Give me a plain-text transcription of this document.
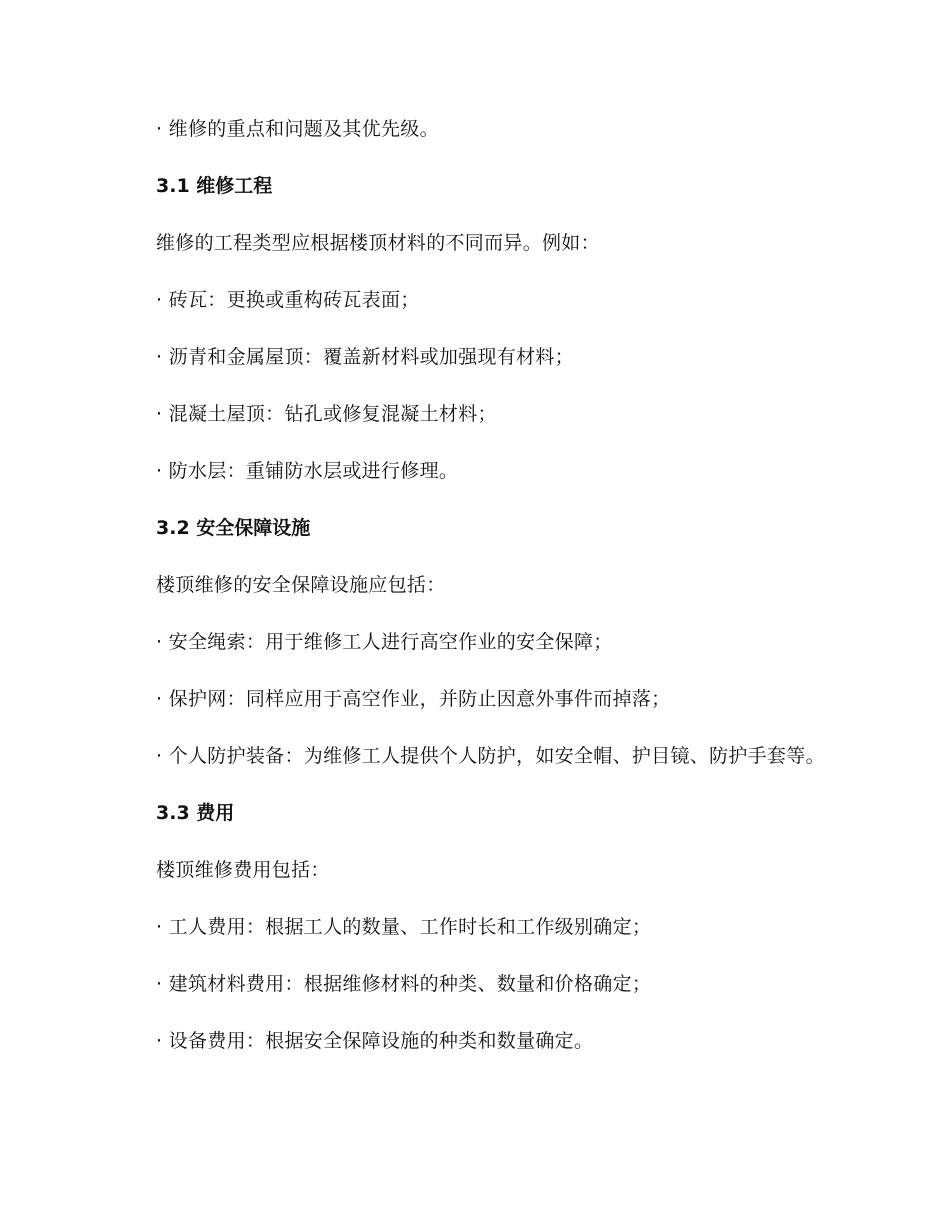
· 维修的重点和问题及其优先级。

3.1 维修工程

维修的工程类型应根据楼顶材料的不同而异。例如：

· 砖瓦：更换或重构砖瓦表面；

· 沥青和金属屋顶：覆盖新材料或加强现有材料；

· 混凝土屋顶：钻孔或修复混凝土材料；

· 防水层：重铺防水层或进行修理。

3.2 安全保障设施

楼顶维修的安全保障设施应包括：

· 安全绳索：用于维修工人进行高空作业的安全保障；

· 保护网：同样应用于高空作业，并防止因意外事件而掉落；

· 个人防护装备：为维修工人提供个人防护，如安全帽、护目镜、防护手套等。

3.3 费用

楼顶维修费用包括：

· 工人费用：根据工人的数量、工作时长和工作级别确定；

· 建筑材料费用：根据维修材料的种类、数量和价格确定；

· 设备费用：根据安全保障设施的种类和数量确定。
